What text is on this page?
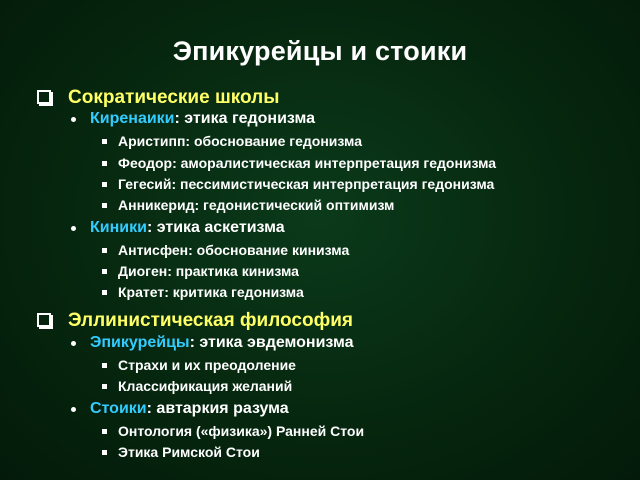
Эпикурейцы и стоики
Сократические школы
Киренаики: этика гедонизма
Аристипп: обоснование гедонизма
Феодор: аморалистическая интерпретация гедонизма
Гегесий: пессимистическая интерпретация гедонизма
Анникерид: гедонистический оптимизм
Киники: этика аскетизма
Антисфен: обоснование кинизма
Диоген: практика кинизма
Кратет: критика гедонизма
Эллинистическая философия
Эпикурейцы: этика эвдемонизма
Страхи и их преодоление
Классификация желаний
Стоики: автаркия разума
Онтология («физика») Ранней Стои
Этика Римской Стои
